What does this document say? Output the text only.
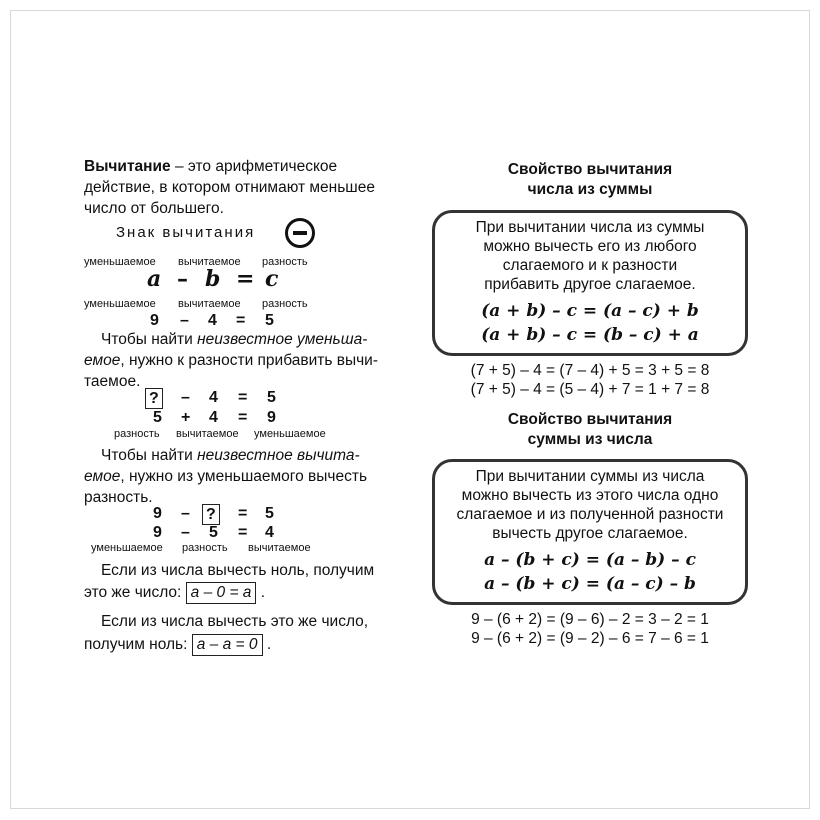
Вычитание – это арифметическое
действие, в котором отнимают меньшее
число от большего.
Знак вычитания
уменьшаемое вычитаемое разность
a – b = c
уменьшаемое вычитаемое разность
9 – 4 = 5
Чтобы найти неизвестное уменьша-
емое, нужно к разности прибавить вычи-
таемое.
? – 4 = 5
5 + 4 = 9
разность вычитаемое уменьшаемое
Чтобы найти неизвестное вычита-
емое, нужно из уменьшаемого вычесть
разность.
9 – ? = 5
9 – 5 = 4
уменьшаемое разность вычитаемое
Если из числа вычесть ноль, получим
это же число: a – 0 = a .
Если из числа вычесть это же число,
получим ноль: a – a = 0 .
Свойство вычитания
числа из суммы
При вычитании числа из суммы
можно вычесть его из любого
слагаемого и к разности
прибавить другое слагаемое.
(a + b) – c = (a – c) + b
(a + b) – c = (b – c) + a
(7 + 5) – 4 = (7 – 4) + 5 = 3 + 5 = 8
(7 + 5) – 4 = (5 – 4) + 7 = 1 + 7 = 8
Свойство вычитания
суммы из числа
При вычитании суммы из числа
можно вычесть из этого числа одно
слагаемое и из полученной разности
вычесть другое слагаемое.
a – (b + c) = (a – b) – c
a – (b + c) = (a – c) – b
9 – (6 + 2) = (9 – 6) – 2 = 3 – 2 = 1
9 – (6 + 2) = (9 – 2) – 6 = 7 – 6 = 1
